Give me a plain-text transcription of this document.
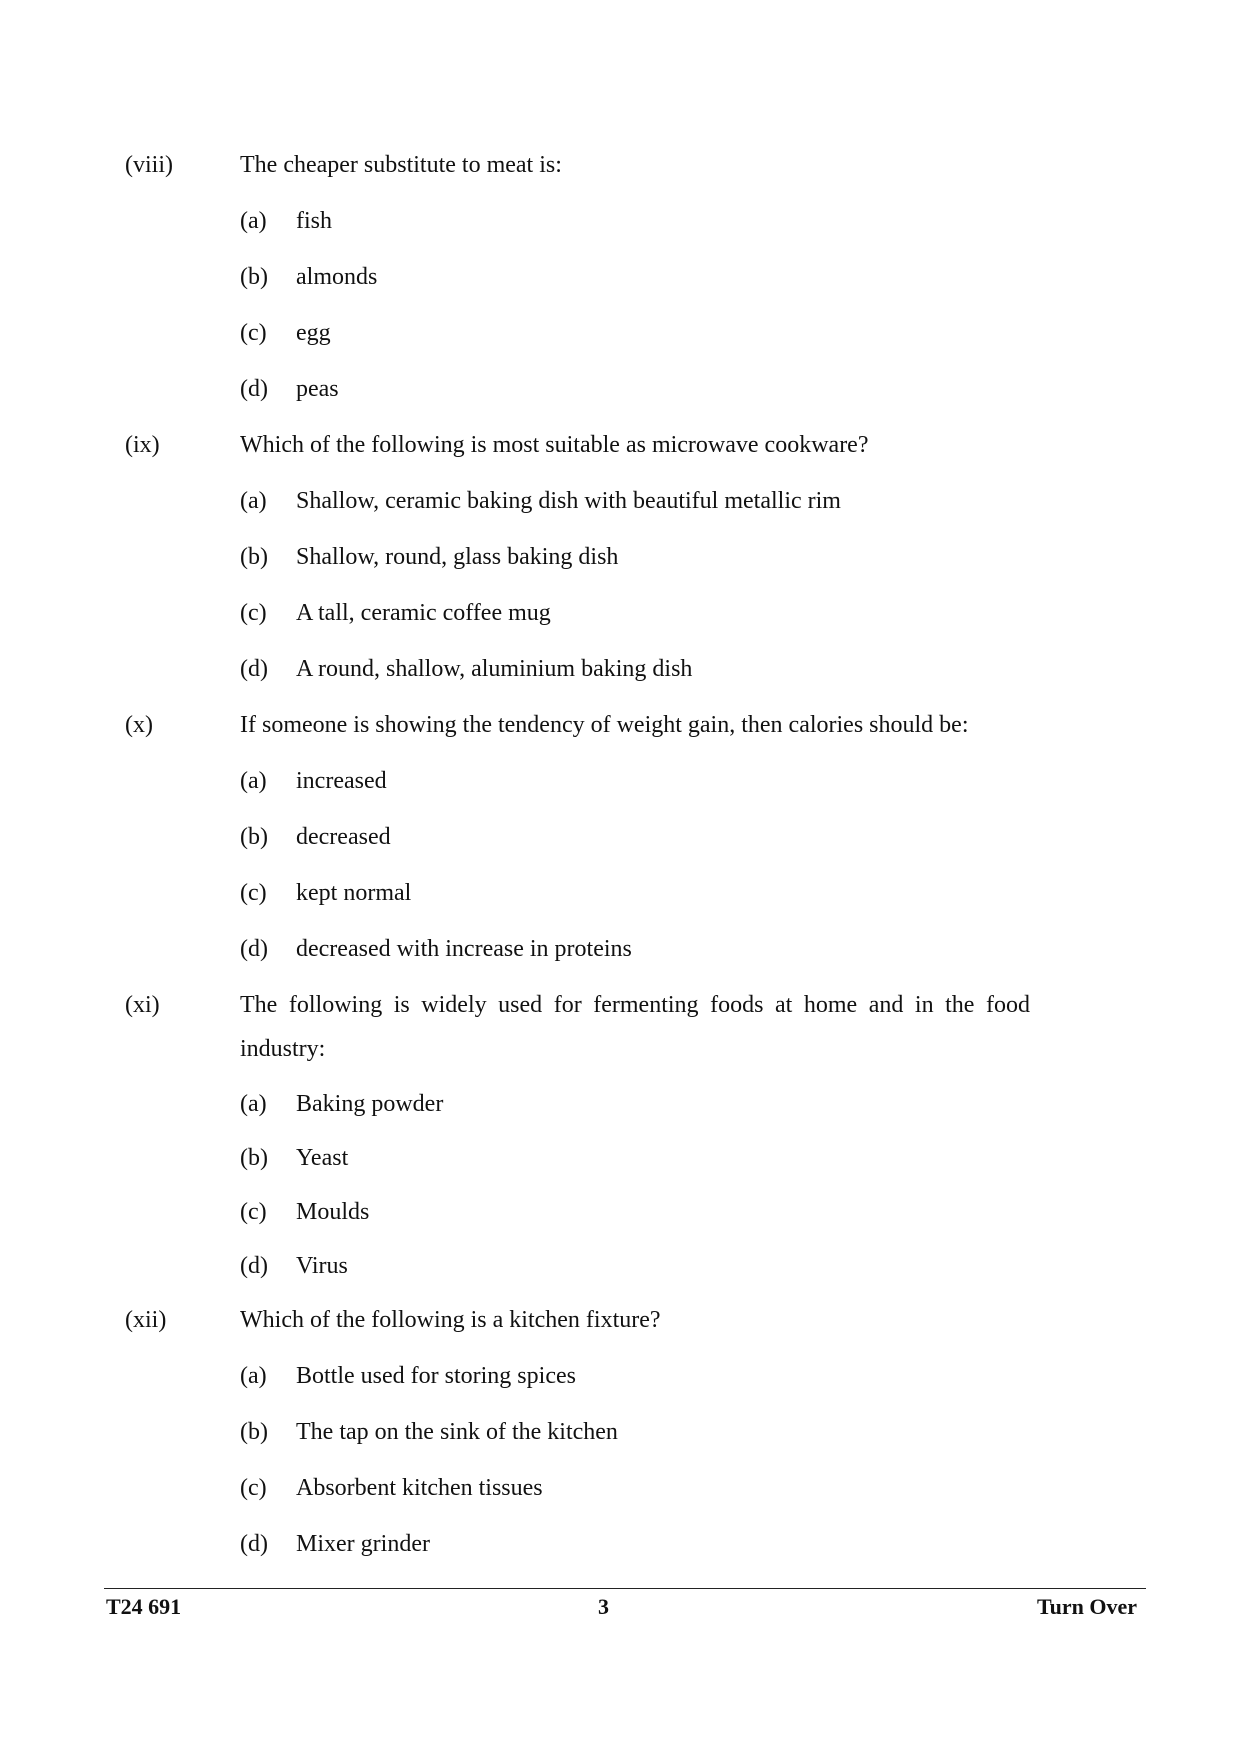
(viii)	The cheaper substitute to meat is:
(a) fish
(b) almonds
(c) egg
(d) peas
(ix)	Which of the following is most suitable as microwave cookware?
(a) Shallow, ceramic baking dish with beautiful metallic rim
(b) Shallow, round, glass baking dish
(c) A tall, ceramic coffee mug
(d) A round, shallow, aluminium baking dish
(x)	If someone is showing the tendency of weight gain, then calories should be:
(a) increased
(b) decreased
(c) kept normal
(d) decreased with increase in proteins
(xi)	The following is widely used for fermenting foods at home and in the food industry:
(a) Baking powder
(b) Yeast
(c) Moulds
(d) Virus
(xii)	Which of the following is a kitchen fixture?
(a) Bottle used for storing spices
(b) The tap on the sink of the kitchen
(c) Absorbent kitchen tissues
(d) Mixer grinder
T24 691	3	Turn Over
